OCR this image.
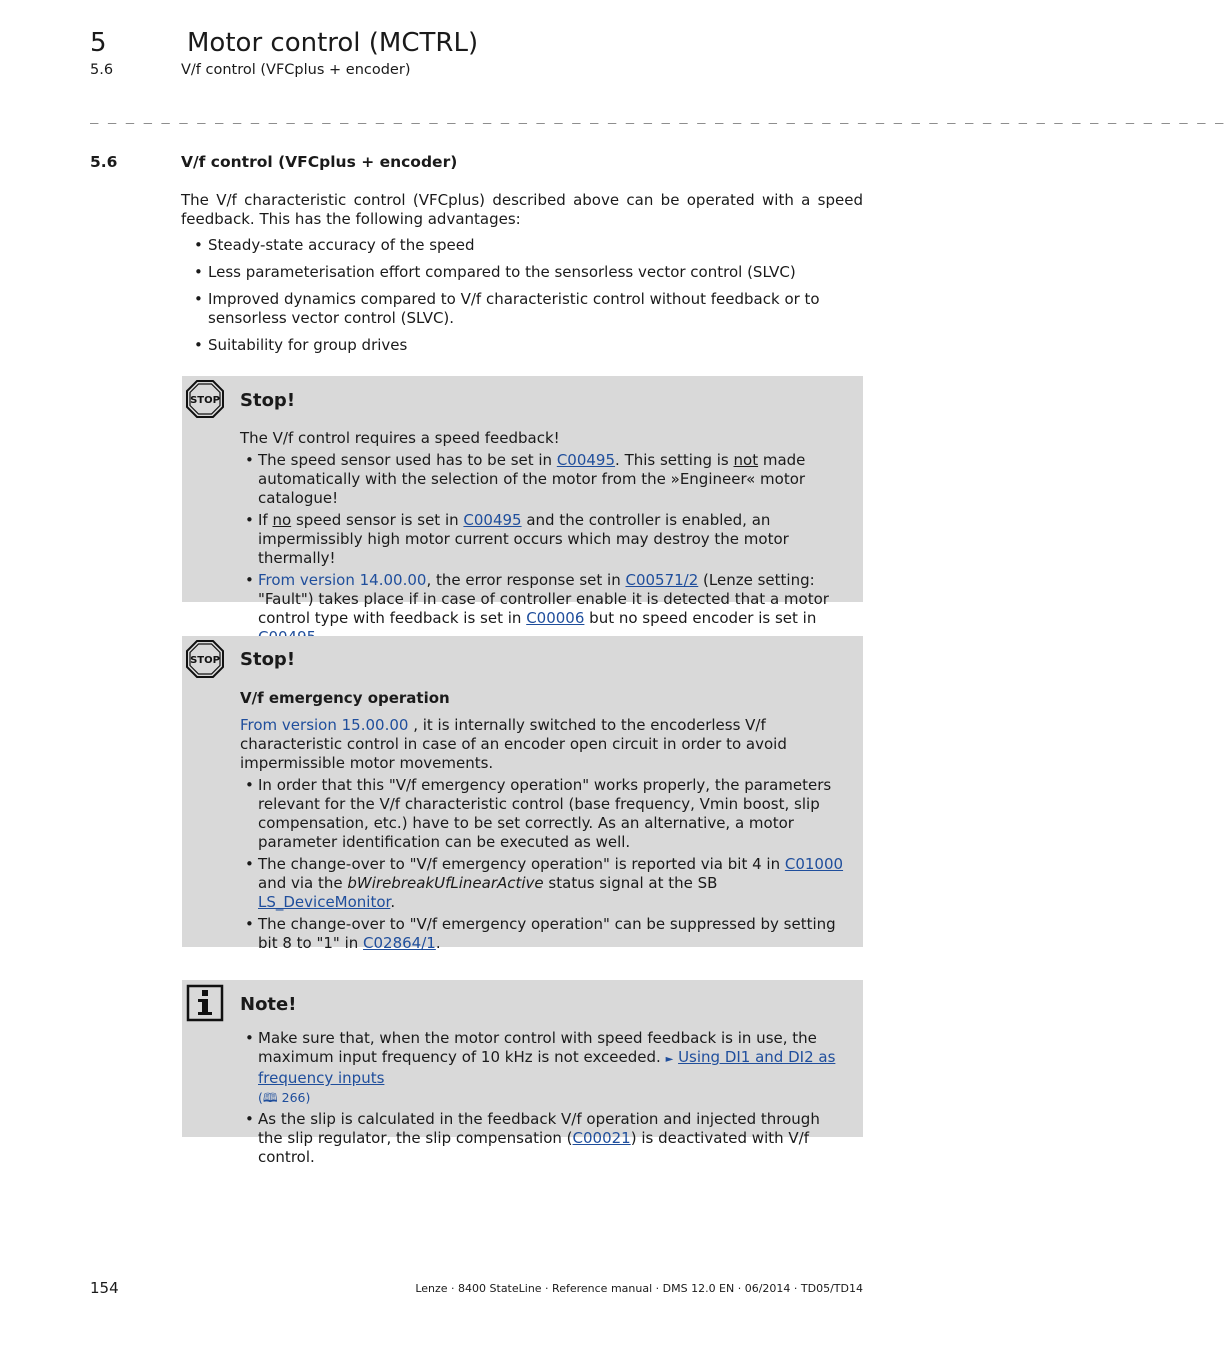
5	Motor control (MCTRL)
5.6	V/f control (VFCplus + encoder)
_ _ _ _ _ _ _ _ _ _ _ _ _ _ _ _ _ _ _ _ _ _ _ _ _ _ _ _ _ _ _ _ _ _ _ _ _ _ _ _ _ _ _ _ _ _ _ _ _ _ _ _ _ _ _ _ _ _ _ _ _ _ _ _
5.6	V/f control (VFCplus + encoder)

The V/f characteristic control (VFCplus) described above can be operated with a speed feedback. This has the following advantages:

• Steady-state accuracy of the speed
• Less parameterisation effort compared to the sensorless vector control (SLVC)
• Improved dynamics compared to V/f characteristic control without feedback or to sensorless vector control (SLVC).
• Suitability for group drives
STOP Stop!

The V/f control requires a speed feedback!

• The speed sensor used has to be set in C00495. This setting is not made automatically with the selection of the motor from the »Engineer« motor catalogue!
• If no speed sensor is set in C00495 and the controller is enabled, an impermissibly high motor current occurs which may destroy the motor thermally!
• From version 14.00.00, the error response set in C00571/2 (Lenze setting: "Fault") takes place if in case of controller enable it is detected that a motor control type with feedback is set in C00006 but no speed encoder is set in
STOP Stop!

V/f emergency operation

From version 15.00.00 , it is internally switched to the encoderless V/f characteristic control in case of an encoder open circuit in order to avoid impermissible motor movements.

• In order that this "V/f emergency operation" works properly, the parameters relevant for the V/f characteristic control (base frequency, Vmin boost, slip compensation, etc.) have to be set correctly. As an alternative, a motor parameter identification can be executed as well.
• The change-over to "V/f emergency operation" is reported via bit 4 in C01000 and via the bWirebreakUfLinearActive status signal at the SB LS_DeviceMonitor.
• The change-over to "V/f emergency operation" can be suppressed by setting bit 8 to "1" in C02864/1.
Note!
• Make sure that, when the motor control with speed feedback is in use, the maximum input frequency of 10 kHz is not exceeded. ► Using DI1 and DI2 as frequency inputs
(🕮 266)
• As the slip is calculated in the feedback V/f operation and injected through the slip regulator, the slip compensation (C00021) is deactivated with V/f control.
154	Lenze · 8400 StateLine · Reference manual · DMS 12.0 EN · 06/2014 · TD05/TD14
